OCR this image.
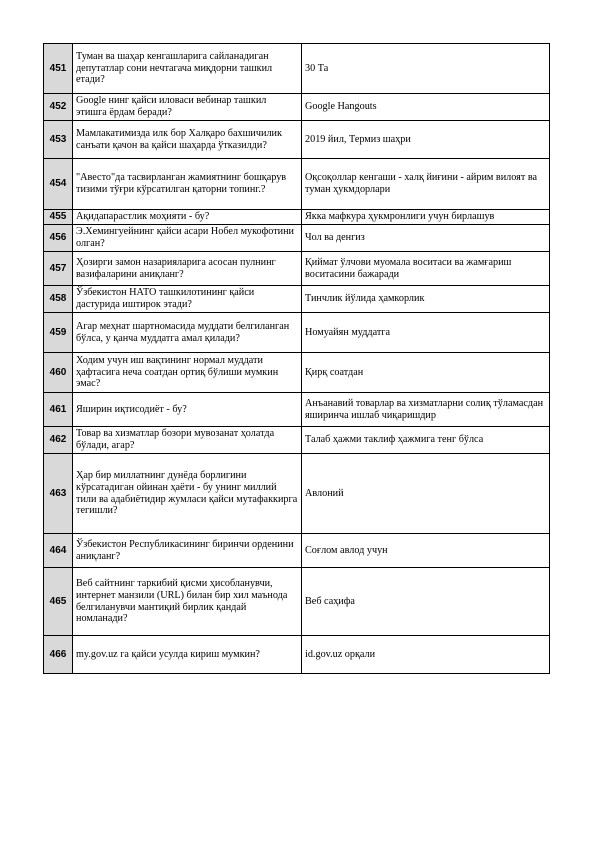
451	Туман ва шаҳар кенгашларига сайланадиган депутатлар сони нечтагача миқдорни ташкил етади?	30 Та
452	Google нинг қайси иловаси вебинар ташкил этишга ёрдам беради?	Google Hangouts
453	Мамлакатимизда илк бор Халқаро бахшичилик санъати қачон ва қайси шаҳарда ўтказилди?	2019 йил, Термиз шаҳри
454	"Авесто"да тасвирланган жамиятнинг бошқарув тизими тўғри кўрсатилган қаторни топинг.?	Оқсоқоллар кенгаши - халқ йиғини - айрим вилоят ва туман ҳукмдорлари
455	Ақидапарастлик моҳияти - бу?	Якка мафкура ҳукмронлиги учун бирлашув
456	Э.Хемингуейнинг қайси асари Нобел мукофотини олган?	Чол ва денгиз
457	Ҳозирги замон назарияларига асосан пулнинг вазифаларини аниқланг?	Қиймат ўлчови муомала воситаси ва жамғариш воситасини бажаради
458	Ўзбекистон НАТО ташкилотининг қайси дастурида иштирок этади?	Тинчлик йўлида ҳамкорлик
459	Агар меҳнат шартномасида муддати белгиланган бўлса, у қанча муддатга амал қилади?	Номуайян муддатга
460	Ходим учун иш вақтининг нормал муддати ҳафтасига неча соатдан ортиқ бўлиши мумкин эмас?	Қирқ соатдан
461	Яширин иқтисодиёт - бу?	Анъанавий товарлар ва хизматларни солиқ тўламасдан яширинча ишлаб чиқаришдир
462	Товар ва хизматлар бозори мувозанат ҳолатда бўлади, агар?	Талаб ҳажми таклиф ҳажмига тенг бўлса
463	Ҳар бир миллатнинг дунёда борлигини кўрсатадиган ойинан ҳаёти - бу унинг миллий тили ва адабиётидир жумласи қайси мутафаккирга тегишли?	Авлоний
464	Ўзбекистон Республикасининг биринчи орденини аниқланг?	Соғлом авлод учун
465	Веб сайтнинг таркибий қисми ҳисобланувчи, интернет манзили (URL) билан бир хил маънода белгиланувчи мантиқий бирлик қандай номланади?	Веб саҳифа
466	my.gov.uz га қайси усулда кириш мумкин?	id.gov.uz орқали
